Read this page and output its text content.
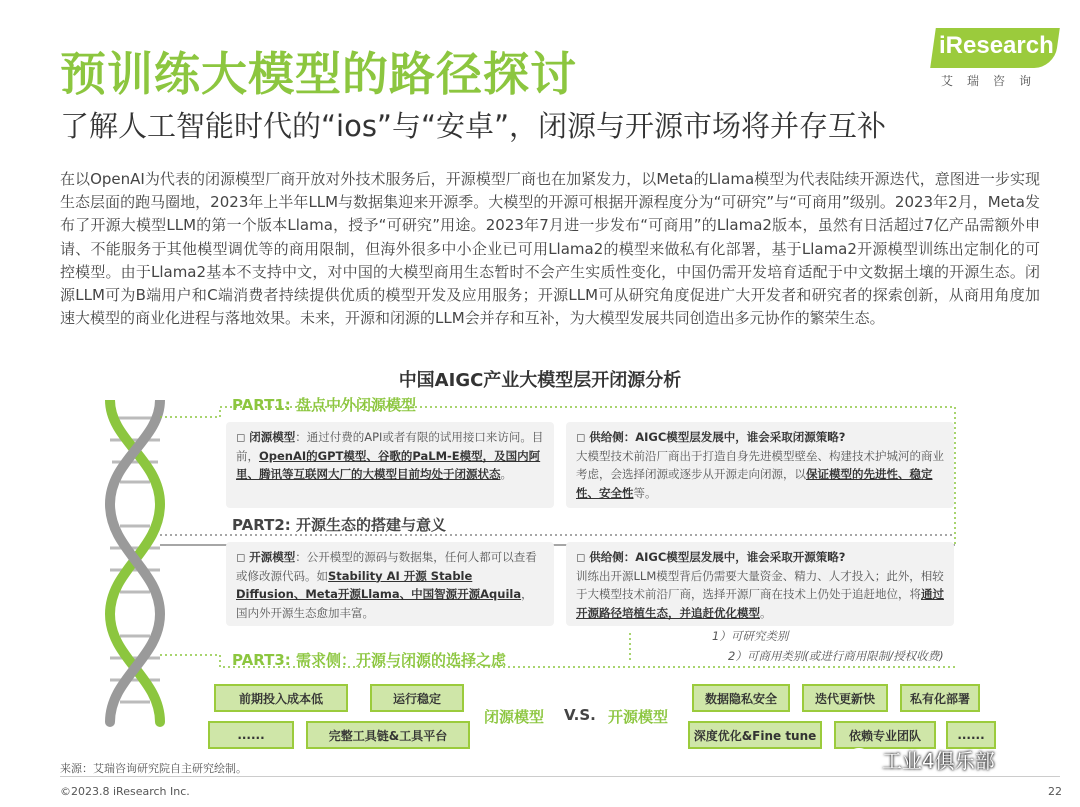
预训练大模型的路径探讨
了解人工智能时代的“ios”与“安卓”，闭源与开源市场将并存互补
iResearch
艾瑞咨询
在以OpenAI为代表的闭源模型厂商开放对外技术服务后，开源模型厂商也在加紧发力，以Meta的Llama模型为代表陆续开源迭代，意图进一步实现生态层面的跑马圈地，2023年上半年LLM与数据集迎来开源季。大模型的开源可根据开源程度分为“可研究”与“可商用”级别。2023年2月，Meta发布了开源大模型LLM的第一个版本Llama，授予“可研究”用途。2023年7月进一步发布“可商用”的Llama2版本，虽然有日活超过7亿产品需额外申请、不能服务于其他模型调优等的商用限制，但海外很多中小企业已可用Llama2的模型来做私有化部署，基于Llama2开源模型训练出定制化的可控模型。由于Llama2基本不支持中文，对中国的大模型商用生态暂时不会产生实质性变化，中国仍需开发培育适配于中文数据土壤的开源生态。闭源LLM可为B端用户和C端消费者持续提供优质的模型开发及应用服务；开源LLM可从研究角度促进广大开发者和研究者的探索创新，从商用角度加速大模型的商业化进程与落地效果。未来，开源和闭源的LLM会并存和互补，为大模型发展共同创造出多元协作的繁荣生态。
中国AIGC产业大模型层开闭源分析
PART1: 盘点中外闭源模型
◻ 闭源模型：通过付费的API或者有限的试用接口来访问。目前，OpenAI的GPT模型、谷歌的PaLM-E模型，及国内阿里、腾讯等互联网大厂的大模型目前均处于闭源状态。
◻ 供给侧：AIGC模型层发展中，谁会采取闭源策略?
大模型技术前沿厂商出于打造自身先进模型壁垒、构建技术护城河的商业考虑，会选择闭源或逐步从开源走向闭源，以保证模型的先进性、稳定性、安全性等。
PART2: 开源生态的搭建与意义
◻ 开源模型：公开模型的源码与数据集，任何人都可以查看或修改源代码。如Stability AI 开源 Stable Diffusion、Meta开源Llama、中国智源开源Aquila，国内外开源生态愈加丰富。
◻ 供给侧：AIGC模型层发展中，谁会采取开源策略?
训练出开源LLM模型背后仍需要大量资金、精力、人才投入；此外，相较于大模型技术前沿厂商，选择开源厂商在技术上仍处于追赶地位，将通过开源路径培植生态，并追赶优化模型。
1）可研究类别
2）可商用类别(或进行商用限制/授权收费)
PART3: 需求侧：开源与闭源的选择之虑
前期投入成本低	运行稳定
......	完整工具链&工具平台
闭源模型 V.S. 开源模型
数据隐私安全	迭代更新快	私有化部署
深度优化&Fine tune	依赖专业团队	......
来源：艾瑞咨询研究院自主研究绘制。
©2023.8 iResearch Inc.	22
工业4俱乐部
